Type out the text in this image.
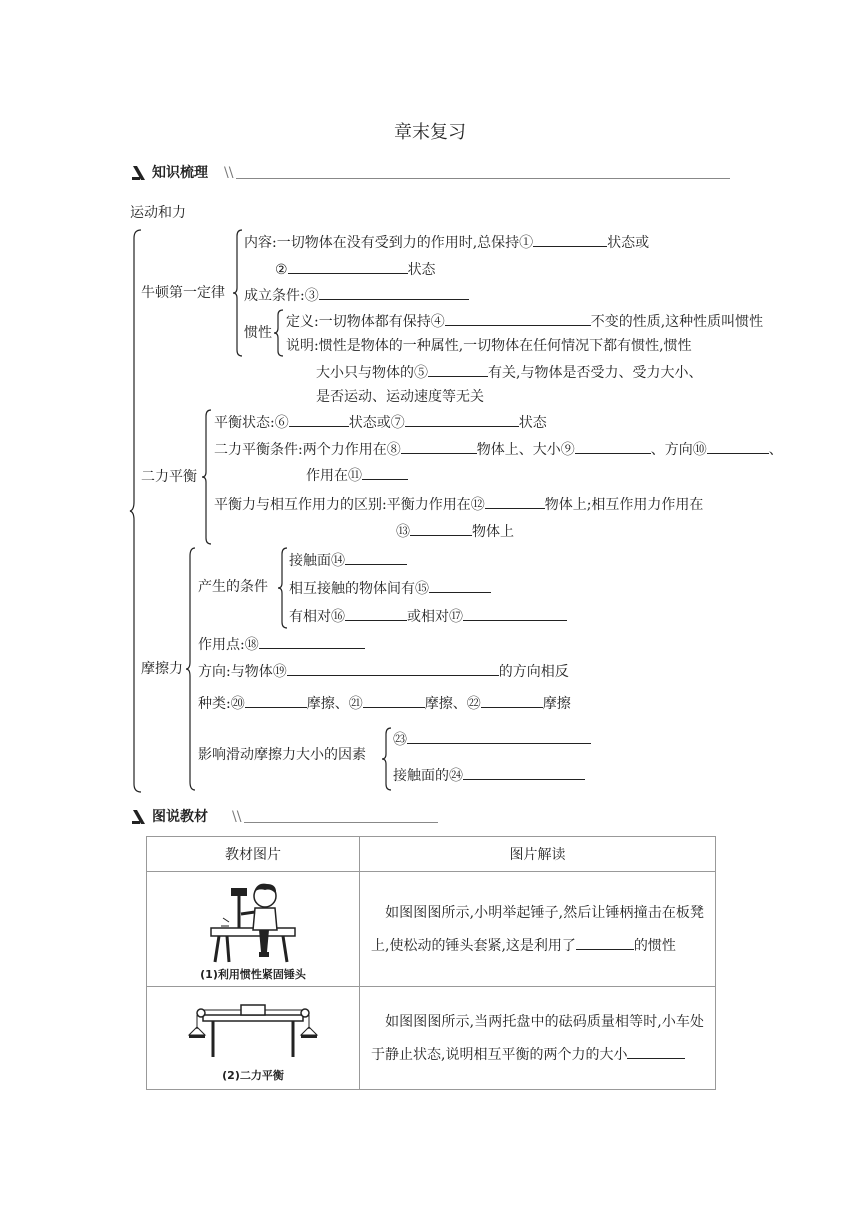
章末复习
知识梳理 \\
运动和力
牛顿第一定律
内容:一切物体在没有受到力的作用时,总保持①	状态或
②	状态
成立条件:③
惯性
定义:一切物体都有保持④	不变的性质,这种性质叫惯性
说明:惯性是物体的一种属性,一切物体在任何情况下都有惯性,惯性
大小只与物体的⑤	有关,与物体是否受力、受力大小、
是否运动、运动速度等无关
二力平衡
平衡状态:⑥	状态或⑦	状态
二力平衡条件:两个力作用在⑧	物体上、大小⑨	、方向⑩	、
作用在⑪
平衡力与相互作用力的区别:平衡力作用在⑫	物体上;相互作用力作用在
⑬	物体上
摩擦力
产生的条件
接触面⑭
相互接触的物体间有⑮
有相对⑯	或相对⑰
作用点:⑱
方向:与物体⑲	的方向相反
种类:⑳	摩擦、㉑	摩擦、㉒	摩擦
影响滑动摩擦力大小的因素
㉓
接触面的㉔
图说教材 \\
教材图片	图片解读

(1)利用惯性紧固锤头	如图图图所示,小明举起锤子,然后让锤柄撞击在板凳上,使松动的锤头套紧,这是利用了 的惯性

(2)二力平衡	如图图图所示,当两托盘中的砝码质量相等时,小车处于静止状态,说明相互平衡的两个力的大小
